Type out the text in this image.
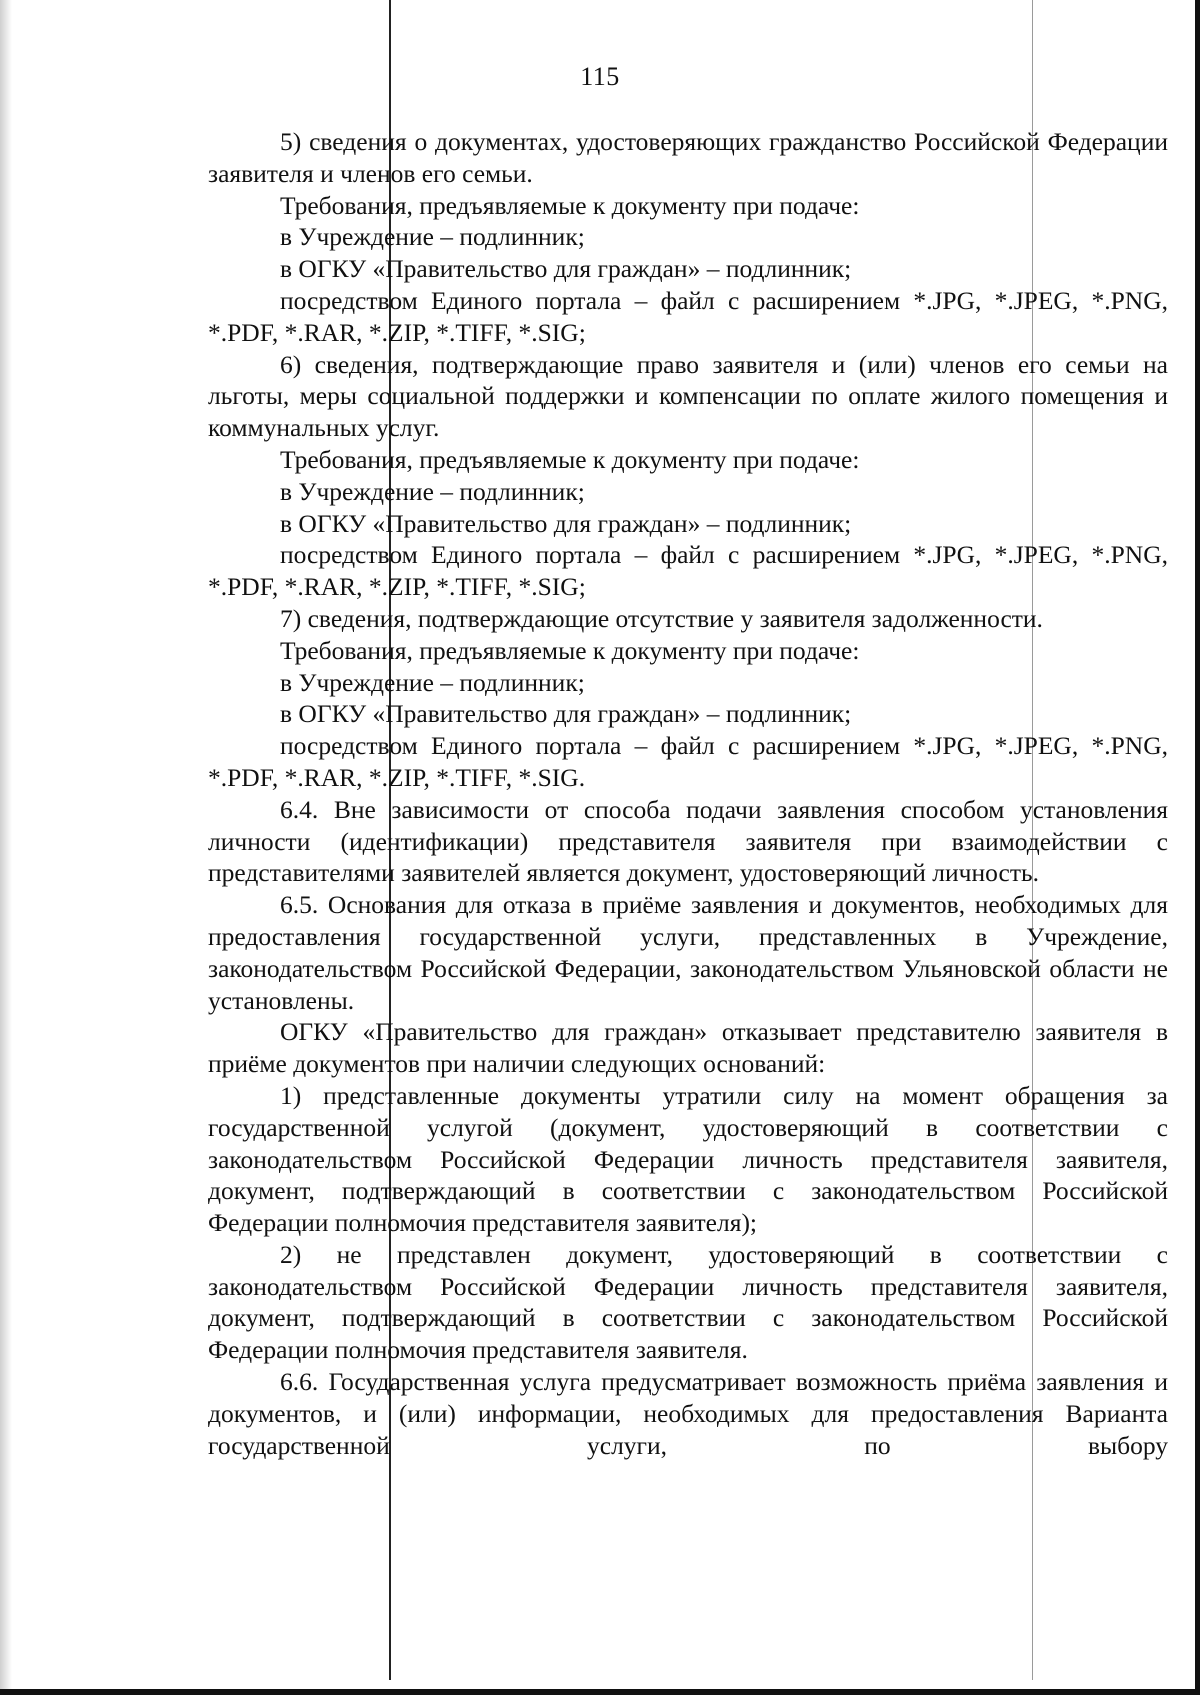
115

5) сведения о документах, удостоверяющих гражданство Российской Федерации заявителя и членов его семьи.

Требования, предъявляемые к документу при подаче:

в Учреждение – подлинник;

в ОГКУ «Правительство для граждан» – подлинник;

посредством Единого портала – файл с расширением *.JPG, *.JPEG, *.PNG, *.PDF, *.RAR, *.ZIP, *.TIFF, *.SIG;

6) сведения, подтверждающие право заявителя и (или) членов его семьи на льготы, меры социальной поддержки и компенсации по оплате жилого помещения и коммунальных услуг.

Требования, предъявляемые к документу при подаче:

в Учреждение – подлинник;

в ОГКУ «Правительство для граждан» – подлинник;

посредством Единого портала – файл с расширением *.JPG, *.JPEG, *.PNG, *.PDF, *.RAR, *.ZIP, *.TIFF, *.SIG;

7) сведения, подтверждающие отсутствие у заявителя задолженности.

Требования, предъявляемые к документу при подаче:

в Учреждение – подлинник;

в ОГКУ «Правительство для граждан» – подлинник;

посредством Единого портала – файл с расширением *.JPG, *.JPEG, *.PNG, *.PDF, *.RAR, *.ZIP, *.TIFF, *.SIG.

6.4. Вне зависимости от способа подачи заявления способом установления личности (идентификации) представителя заявителя при взаимодействии с представителями заявителей является документ, удостоверяющий личность.

6.5. Основания для отказа в приёме заявления и документов, необходимых для предоставления государственной услуги, представленных в Учреждение, законодательством Российской Федерации, законодательством Ульяновской области не установлены.

ОГКУ «Правительство для граждан» отказывает представителю заявителя в приёме документов при наличии следующих оснований:

1) представленные документы утратили силу на момент обращения за государственной услугой (документ, удостоверяющий в соответствии с законодательством Российской Федерации личность представителя заявителя, документ, подтверждающий в соответствии с законодательством Российской Федерации полномочия представителя заявителя);

2) не представлен документ, удостоверяющий в соответствии с законодательством Российской Федерации личность представителя заявителя, документ, подтверждающий в соответствии с законодательством Российской Федерации полномочия представителя заявителя.

6.6. Государственная услуга предусматривает возможность приёма заявления и документов, и (или) информации, необходимых для предоставления Варианта государственной услуги, по выбору
